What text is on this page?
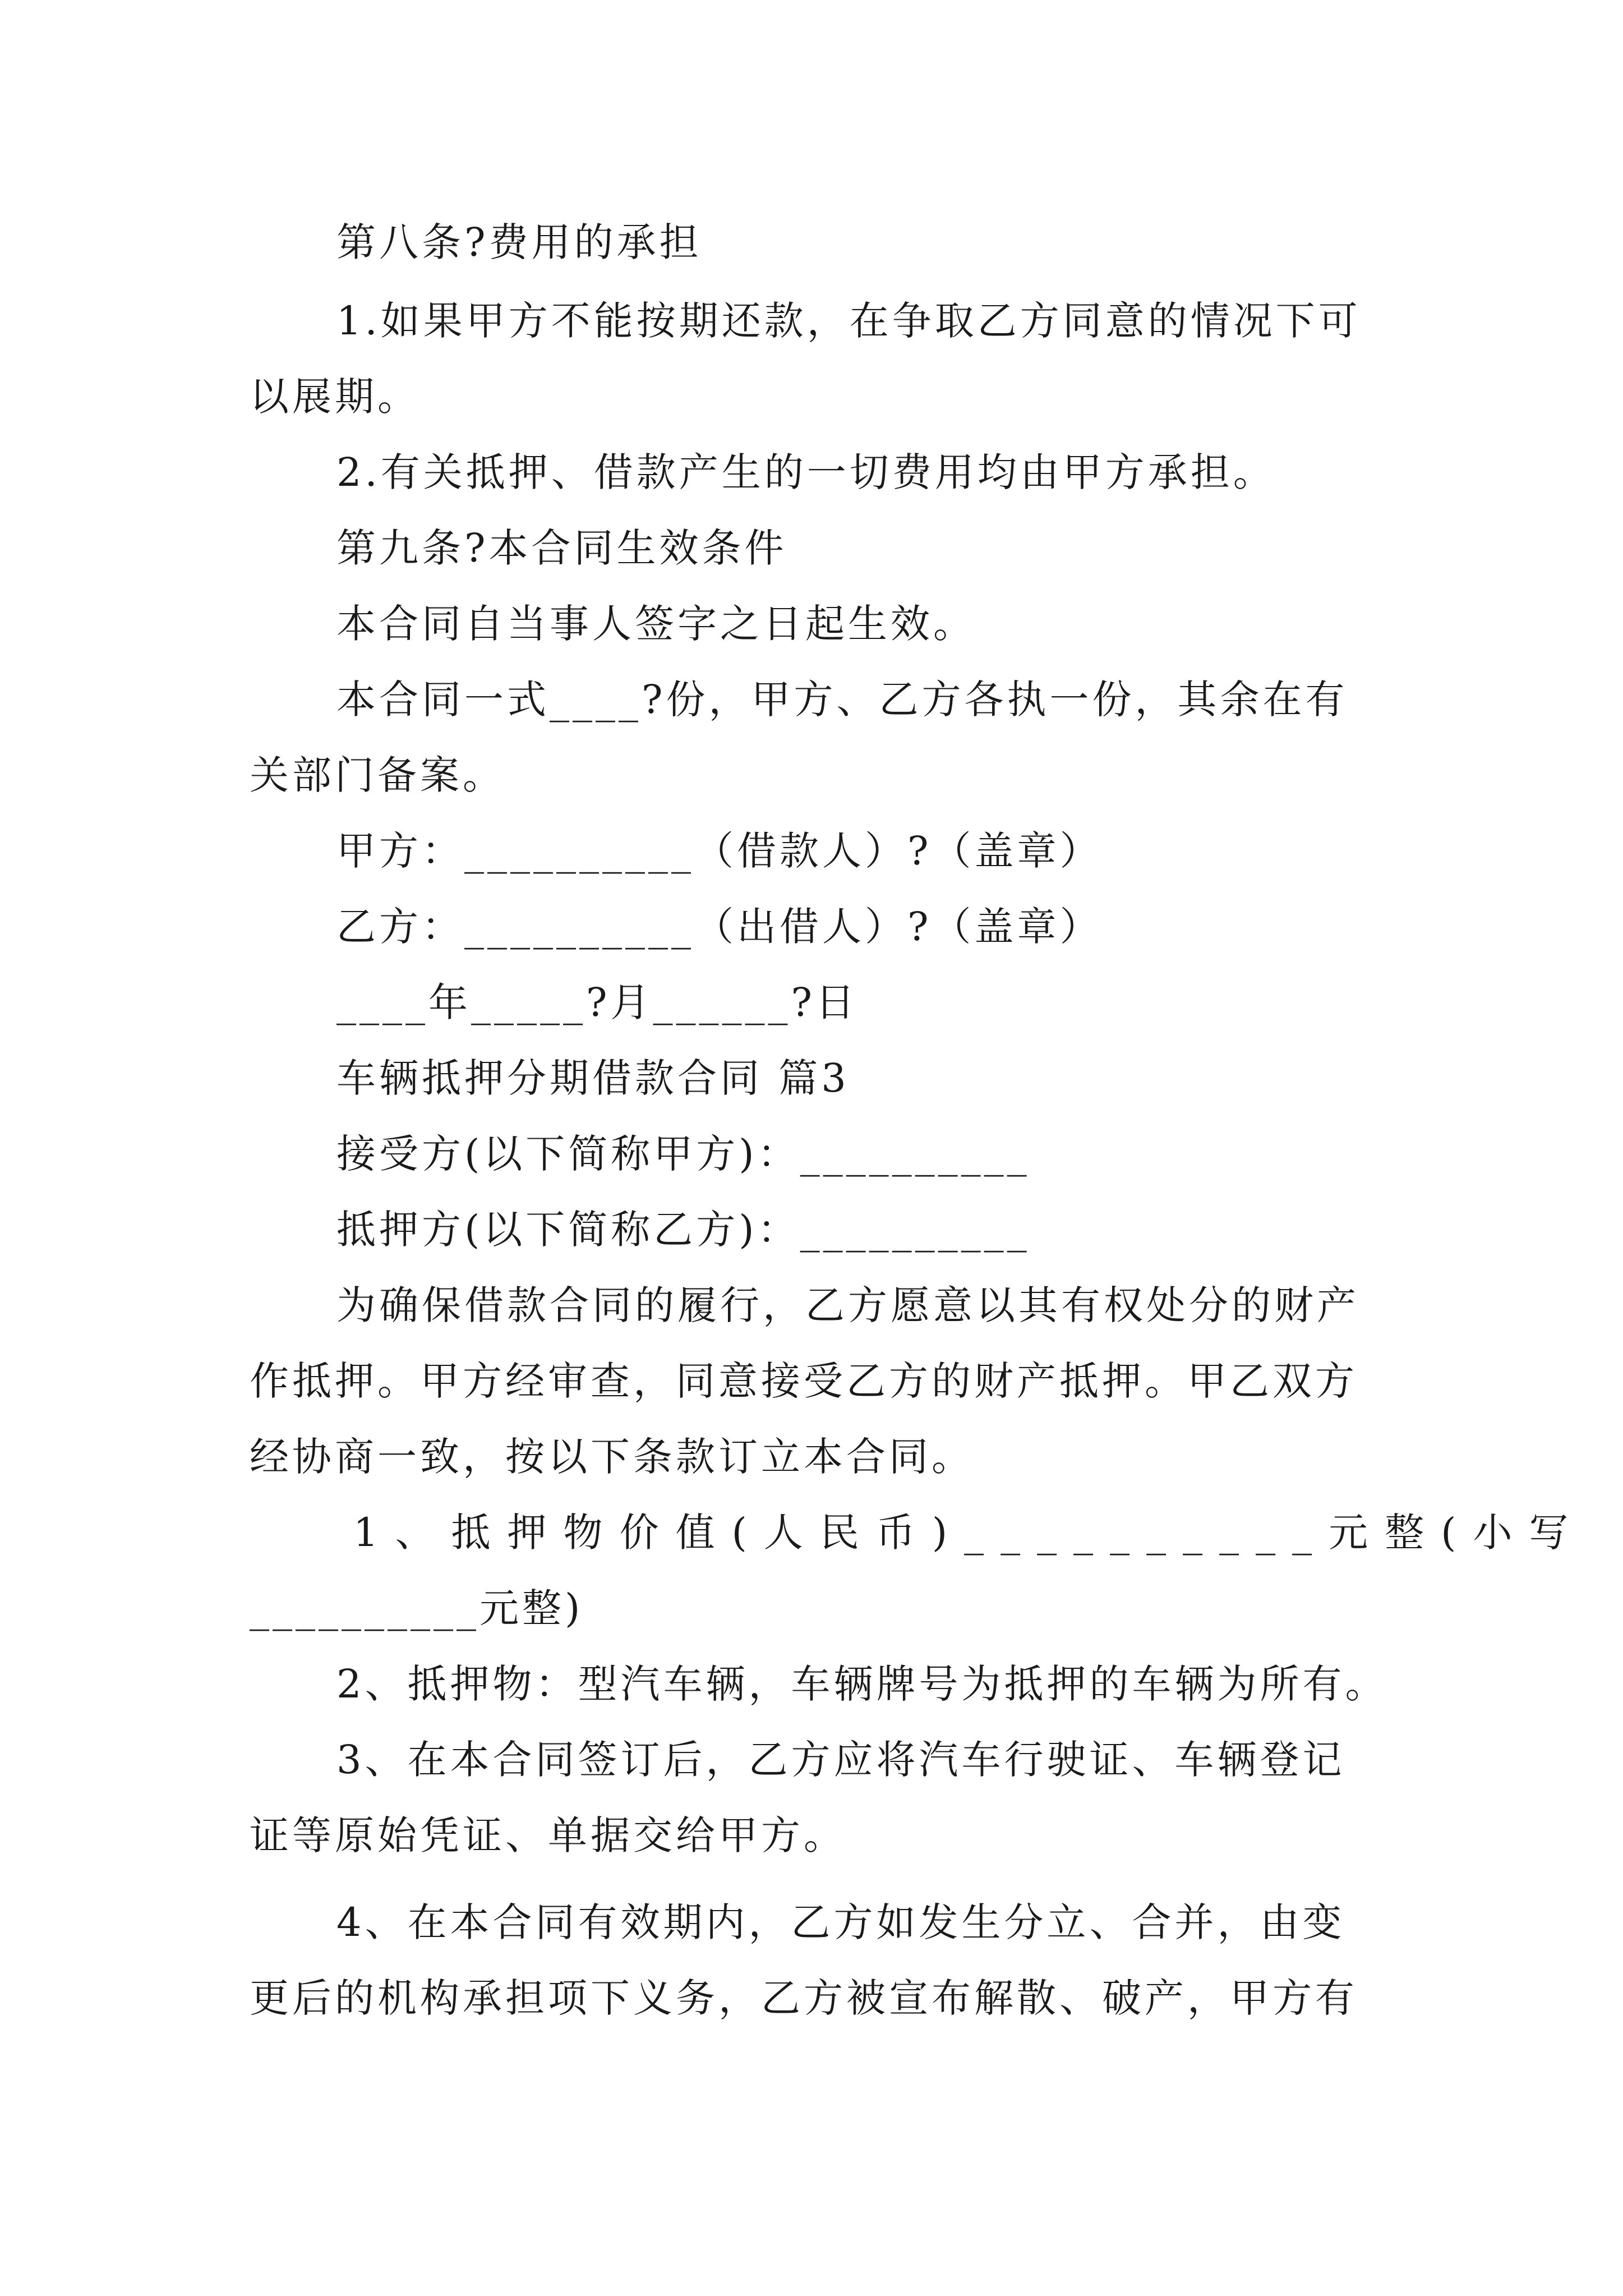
第八条?费用的承担
1.如果甲方不能按期还款，在争取乙方同意的情况下可
以展期。
2.有关抵押、借款产生的一切费用均由甲方承担。
第九条?本合同生效条件
本合同自当事人签字之日起生效。
本合同一式____?份，甲方、乙方各执一份，其余在有
关部门备案。
甲方：__________（借款人）?（盖章）
乙方：__________（出借人）?（盖章）
____年_____?月______?日
车辆抵押分期借款合同 篇3
接受方(以下简称甲方)：__________
抵押方(以下简称乙方)：__________
为确保借款合同的履行，乙方愿意以其有权处分的财产
作抵押。甲方经审查，同意接受乙方的财产抵押。甲乙双方
经协商一致，按以下条款订立本合同。
1、抵押物价值(人民币)__________元整(小写
__________元整)
2、抵押物：型汽车辆，车辆牌号为抵押的车辆为所有。
3、在本合同签订后，乙方应将汽车行驶证、车辆登记
证等原始凭证、单据交给甲方。
4、在本合同有效期内，乙方如发生分立、合并，由变
更后的机构承担项下义务，乙方被宣布解散、破产，甲方有
